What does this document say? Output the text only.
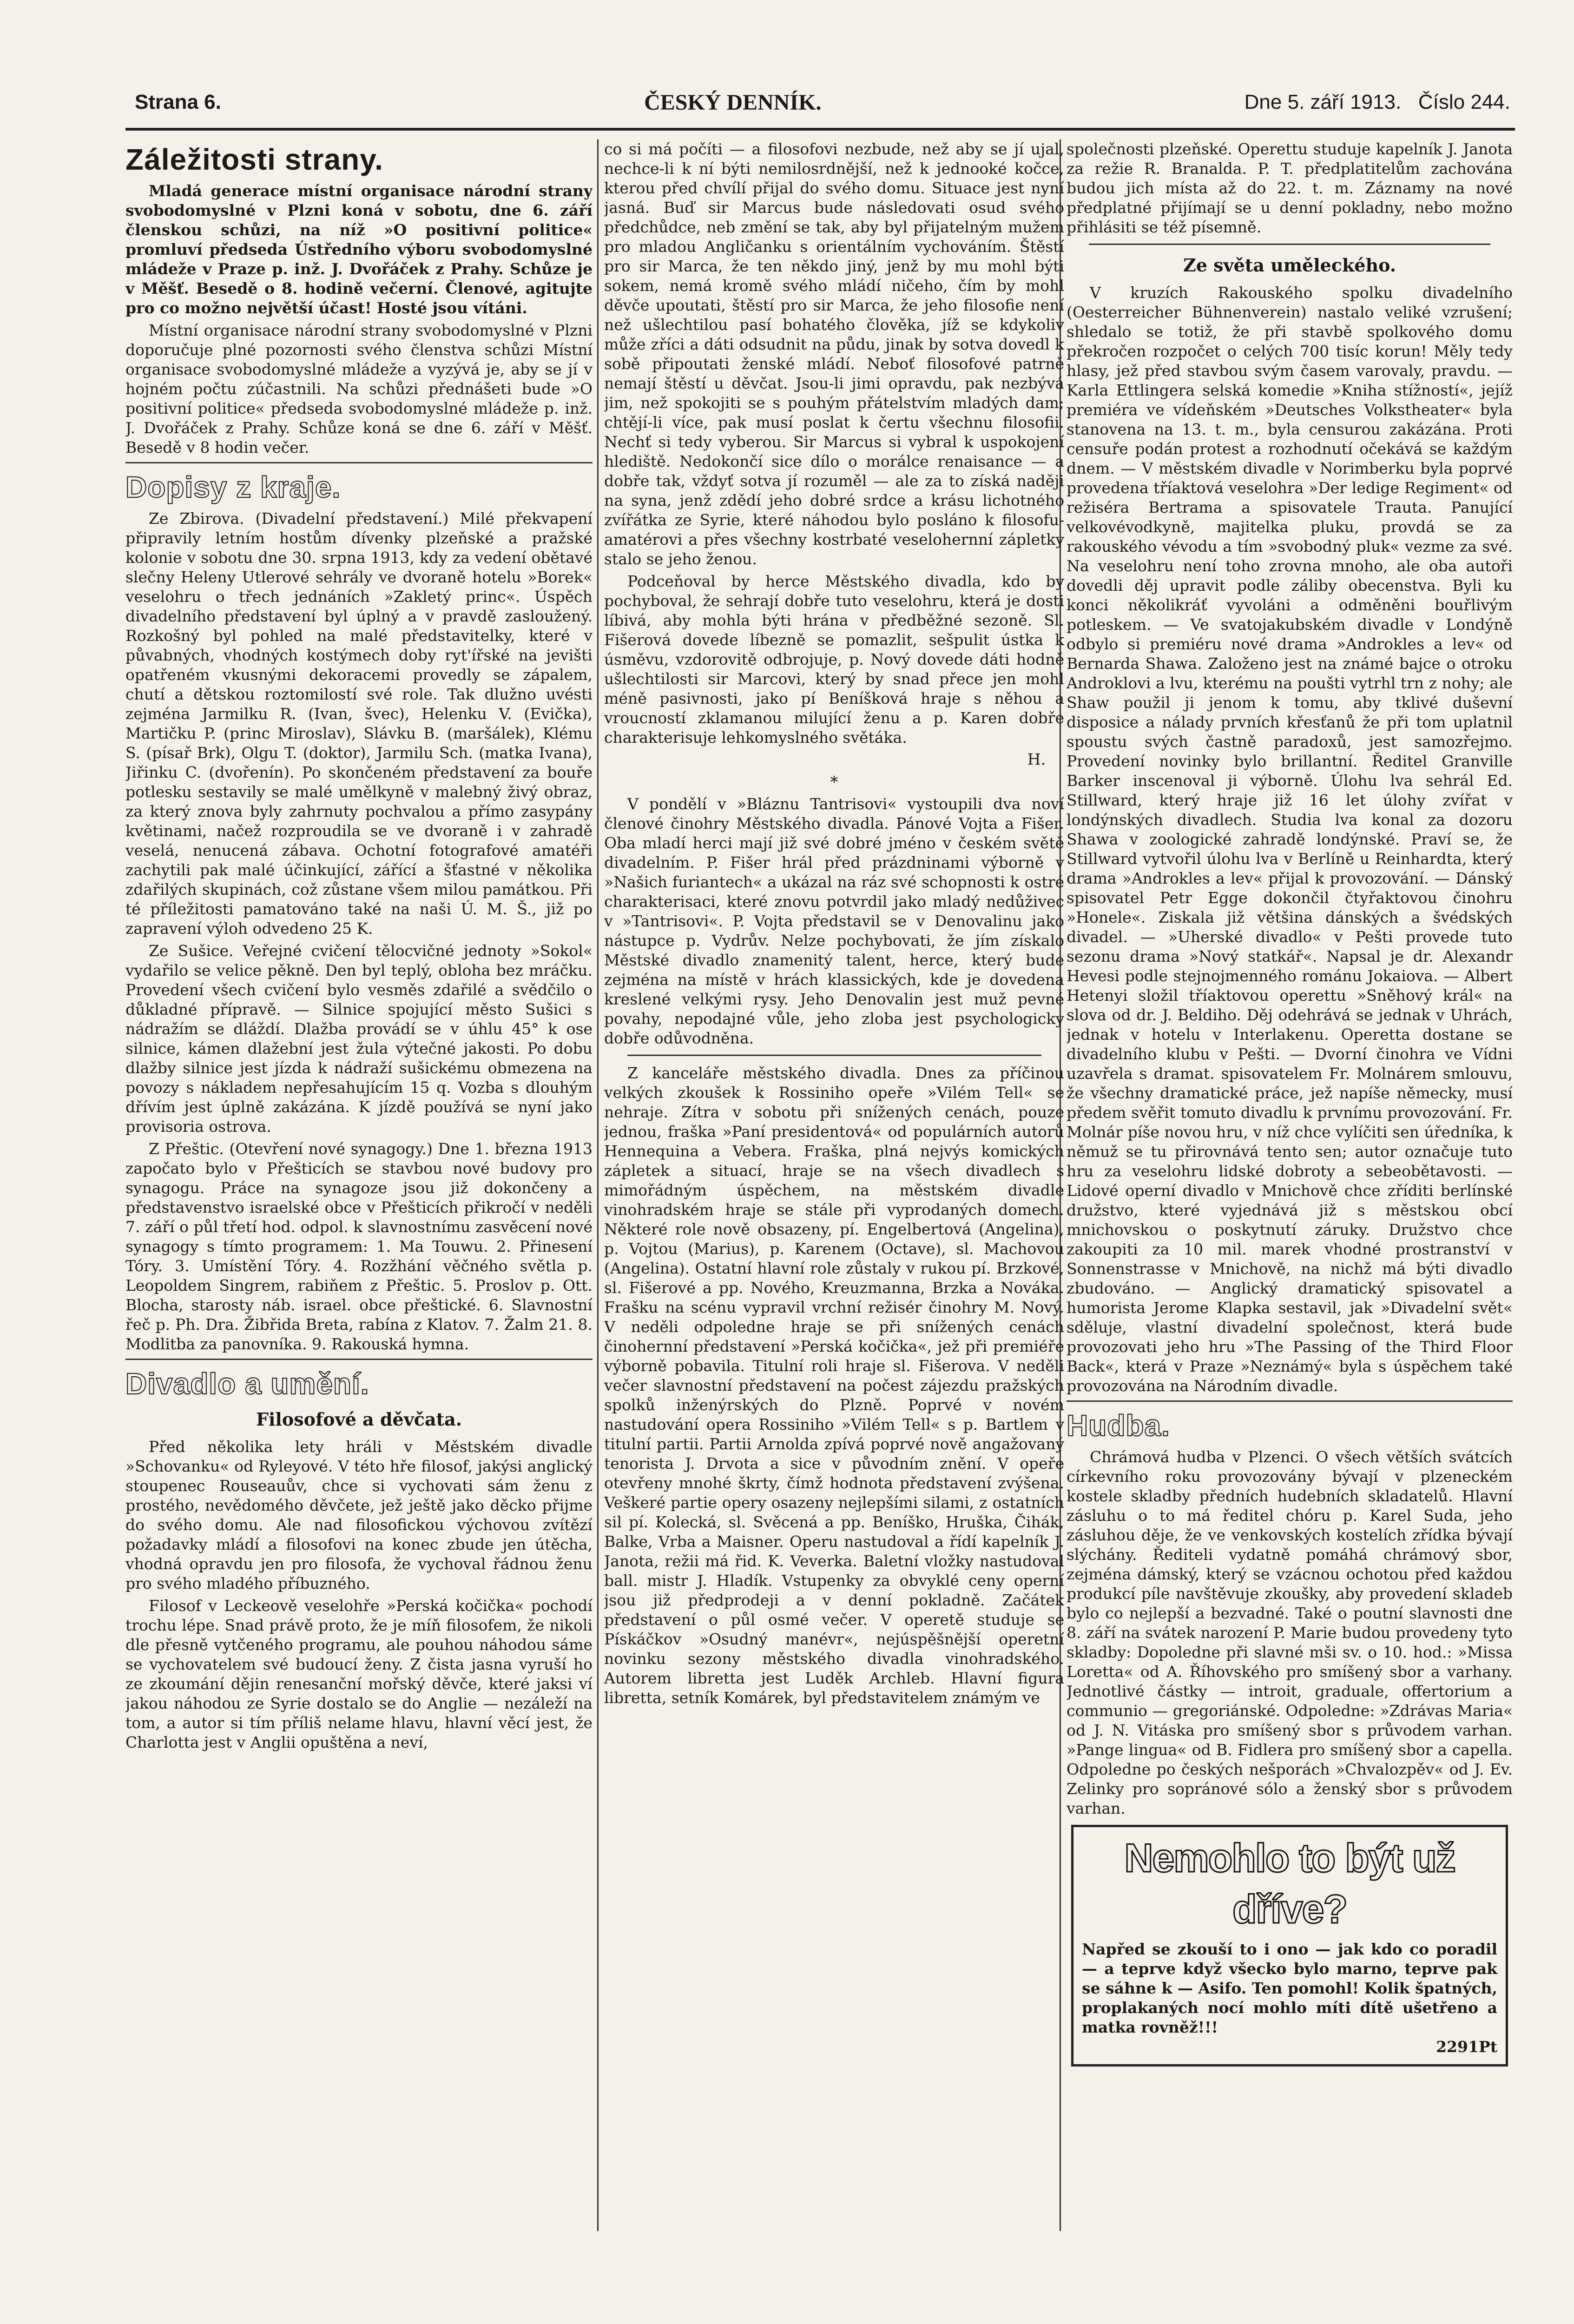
Strana 6.	ČESKÝ DENNÍK.	Dne 5. září 1913. Číslo 244.
Záležitosti strany.

Mladá generace místní organisace národní strany svobodomyslné v Plzni koná v sobotu, dne 6. září členskou schůzi, na níž »O positivní politice« promluví předseda Ústředního výboru svobodomyslné mládeže v Praze p. inž. J. Dvořáček z Prahy. Schůze je v Měšť. Besedě o 8. hodině večerní. Členové, agitujte pro co možno největší účast! Hosté jsou vítáni.

Místní organisace národní strany svobodomyslné v Plzni doporučuje plné pozornosti svého členstva schůzi Místní organisace svobodomyslné mládeže a vyzývá je, aby se jí v hojném počtu zúčastnili. Na schůzi přednášeti bude »O positivní politice« předseda svobodomyslné mládeže p. inž. J. Dvořáček z Prahy. Schůze koná se dne 6. září v Měšť. Besedě v 8 hodin večer.

Dopisy z kraje.

Ze Zbirova. (Divadelní představení.) Milé překvapení připravily letním hostům dívenky plzeňské a pražské kolonie v sobotu dne 30. srpna 1913, kdy za vedení obětavé slečny Heleny Utlerové sehrály ve dvoraně hotelu »Borek« veselohru o třech jednáních »Zakletý princ«. Úspěch divadelního představení byl úplný a v pravdě zasloužený. Rozkošný byl pohled na malé představitelky, které v půvabných, vhodných kostýmech doby ryt'ířské na jevišti opatřeném vkusnými dekoracemi provedly se zápalem, chutí a dětskou roztomilostí své role. Tak dlužno uvésti zejména Jarmilku R. (Ivan, švec), Helenku V. (Evička), Martičku P. (princ Miroslav), Slávku B. (maršálek), Klému S. (písař Brk), Olgu T. (doktor), Jarmilu Sch. (matka Ivana), Jiřinku C. (dvořenín). Po skončeném představení za bouře potlesku sestavily se malé umělkyně v malebný živý obraz, za který znova byly zahrnuty pochvalou a přímo zasypány květinami, načež rozproudila se ve dvoraně i v zahradě veselá, nenucená zábava. Ochotní fotografové amatéři zachytili pak malé účinkující, zářící a šťastné v několika zdařilých skupinách, což zůstane všem milou památkou. Při té příležitosti pamatováno také na naši Ú. M. Š., již po zapravení výloh odvedeno 25 K.

Ze Sušice. Veřejné cvičení tělocvičné jednoty »Sokol« vydařilo se velice pěkně. Den byl teplý, obloha bez mráčku. Provedení všech cvičení bylo vesměs zdařilé a svědčilo o důkladné přípravě. — Silnice spojující město Sušici s nádražím se dláždí. Dlažba provádí se v úhlu 45° k ose silnice, kámen dlažební jest žula výtečné jakosti. Po dobu dlažby silnice jest jízda k nádraží sušickému obmezena na povozy s nákladem nepřesahujícím 15 q. Vozba s dlouhým dřívím jest úplně zakázána. K jízdě používá se nyní jako provisoria ostrova.

Z Přeštic. (Otevření nové synagogy.) Dne 1. března 1913 započato bylo v Přešticích se stavbou nové budovy pro synagogu. Práce na synagoze jsou již dokončeny a představenstvo israelské obce v Přešticích přikročí v neděli 7. září o půl třetí hod. odpol. k slavnostnímu zasvěcení nové synagogy s tímto programem: 1. Ma Touwu. 2. Přinesení Tóry. 3. Umístění Tóry. 4. Rozžhání věčného světla p. Leopoldem Singrem, rabiňem z Přeštic. 5. Proslov p. Ott. Blocha, starosty náb. israel. obce přeštické. 6. Slavnostní řeč p. Ph. Dra. Žibřida Breta, rabína z Klatov. 7. Žalm 21. 8. Modlitba za panovníka. 9. Rakouská hymna.

Divadlo a umění.
Filosofové a děvčata.

Před několika lety hráli v Městském divadle »Schovanku« od Ryleyové. V této hře filosof, jakýsi anglický stoupenec Rouseauův, chce si vychovati sám ženu z prostého, nevědomého děvčete, jež ještě jako děcko přijme do svého domu. Ale nad filosofickou výchovou zvítězí požadavky mládí a filosofovi na konec zbude jen útěcha, vhodná opravdu jen pro filosofa, že vychoval řádnou ženu pro svého mladého příbuzného.

Filosof v Leckeově veselohře »Perská kočička« pochodí trochu lépe. Snad právě proto, že je míň filosofem, že nikoli dle přesně vytčeného programu, ale pouhou náhodou sáme se vychovatelem své budoucí ženy. Z čista jasna vyruší ho ze zkoumání dějin renesanční mořský děvče, které jaksi ví jakou náhodou ze Syrie dostalo se do Anglie — nezáleží na tom, a autor si tím příliš nelame hlavu, hlavní věcí jest, že Charlotta jest v Anglii opuštěna a neví,

co si má počíti — a filosofovi nezbude, než aby se jí ujal, nechce-li k ní býti nemilosrdnější, než k jednooké kočce, kterou před chvílí přijal do svého domu. Situace jest nyní jasná. Buď sir Marcus bude následovati osud svého předchůdce, neb změní se tak, aby byl přijatelným mužem pro mladou Angličanku s orientálním vychováním. Štěstí pro sir Marca, že ten někdo jiný, jenž by mu mohl býti sokem, nemá kromě svého mládí ničeho, čím by mohl děvče upoutati, štěstí pro sir Marca, že jeho filosofie není než ušlechtilou pasí bohatého člověka, jíž se kdykoliv může zříci a dáti odsudnit na půdu, jinak by sotva dovedl k sobě připoutati ženské mládí. Neboť filosofové patrně nemají štěstí u děvčat. Jsou-li jimi opravdu, pak nezbývá jim, než spokojiti se s pouhým přátelstvím mladých dam; chtějí-li více, pak musí poslat k čertu všechnu filosofii. Nechť si tedy vyberou. Sir Marcus si vybral k uspokojení hlediště. Nedokončí sice dílo o morálce renaisance — a dobře tak, vždyť sotva jí rozuměl — ale za to získá naději na syna, jenž zdědí jeho dobré srdce a krásu lichotného zvířátka ze Syrie, které náhodou bylo posláno k filosofu-amatérovi a přes všechny kostrbaté veselohernní zápletky stalo se jeho ženou.

Podceňoval by herce Městského divadla, kdo by pochyboval, že sehrají dobře tuto veselohru, která je dosti líbivá, aby mohla býti hrána v předběžné sezoně. Sl. Fišerová dovede líbezně se pomazlit, sešpulit ústka k úsměvu, vzdorovitě odbrojuje, p. Nový dovede dáti hodně ušlechtilosti sir Marcovi, který by snad přece jen mohl méně pasivnosti, jako pí Beníšková hraje s něhou a vroucností zklamanou milující ženu a p. Karen dobře charakterisuje lehkomyslného světáka.

H.
*

V pondělí v »Bláznu Tantrisovi« vystoupili dva noví členové činohry Městského divadla. Pánové Vojta a Fišer. Oba mladí herci mají již své dobré jméno v českém světě divadelním. P. Fišer hrál před prázdninami výborně v »Našich furiantech« a ukázal na ráz své schopnosti k ostré charakterisaci, které znovu potvrdil jako mladý nedůživec v »Tantrisovi«. P. Vojta představil se v Denovalinu jako nástupce p. Vydrův. Nelze pochybovati, že jím získalo Městské divadlo znamenitý talent, herce, který bude zejména na místě v hrách klassických, kde je dovedena kreslené velkými rysy. Jeho Denovalin jest muž pevné povahy, nepodajné vůle, jeho zloba jest psychologicky dobře odůvodněna.

Z kanceláře městského divadla. Dnes za příčinou velkých zkoušek k Rossiniho opeře »Vilém Tell« se nehraje. Zítra v sobotu při snížených cenách, pouze jednou, fraška »Paní presidentová« od populárních autorů Hennequina a Vebera. Fraška, plná nejvýs komických zápletek a situací, hraje se na všech divadlech s mimořádným úspěchem, na městském divadle vinohradském hraje se stále při vyprodaných domech. Některé role nově obsazeny, pí. Engelbertová (Angelina), p. Vojtou (Marius), p. Karenem (Octave), sl. Machovou (Angelina). Ostatní hlavní role zůstaly v rukou pí. Brzkové, sl. Fišerové a pp. Nového, Kreuzmanna, Brzka a Nováka. Frašku na scénu vypravil vrchní režisér činohry M. Nový. V neděli odpoledne hraje se při snížených cenách činohernní představení »Perská kočička«, jež při premiéře výborně pobavila. Titulní roli hraje sl. Fišerova. V neděli večer slavnostní představení na počest zájezdu pražských spolků inženýrských do Plzně. Poprvé v novém nastudování opera Rossiniho »Vilém Tell« s p. Bartlem v titulní partii. Partii Arnolda zpívá poprvé nově angažovaný tenorista J. Drvota a sice v původním znění. V opeře otevřeny mnohé škrty, čímž hodnota představení zvýšena. Veškeré partie opery osazeny nejlepšími silami, z ostatních sil pí. Kolecká, sl. Svěcená a pp. Beníško, Hruška, Čihák, Balke, Vrba a Maisner. Operu nastudoval a řídí kapelník J. Janota, režii má řid. K. Veverka. Baletní vložky nastudoval ball. mistr J. Hladík. Vstupenky za obvyklé ceny operní jsou již předprodeji a v denní pokladně. Začátek představení o půl osmé večer. V operetě studuje se Pískáčkov »Osudný manévr«, nejúspěšnější operetní novinku sezony městského divadla vinohradského. Autorem libretta jest Luděk Archleb. Hlavní figura libretta, setník Komárek, byl představitelem známým ve

společnosti plzeňské. Operettu studuje kapelník J. Janota za režie R. Branalda. P. T. předplatitelům zachována budou jich místa až do 22. t. m. Záznamy na nové předplatné přijímají se u denní pokladny, nebo možno přihlásiti se též písemně.

Ze světa uměleckého.

V kruzích Rakouského spolku divadelního (Oesterreicher Bühnenverein) nastalo veliké vzrušení; shledalo se totiž, že při stavbě spolkového domu překročen rozpočet o celých 700 tisíc korun! Měly tedy hlasy, jež před stavbou svým časem varovaly, pravdu. — Karla Ettlingera selská komedie »Kniha stížností«, jejíž premiéra ve vídeňském »Deutsches Volkstheater« byla stanovena na 13. t. m., byla censurou zakázána. Proti censuře podán protest a rozhodnutí očekává se každým dnem. — V městském divadle v Norimberku byla poprvé provedena tříaktová veselohra »Der ledige Regiment« od režiséra Bertrama a spisovatele Trauta. Panující velkovévodkyně, majitelka pluku, provdá se za rakouského vévodu a tím »svobodný pluk« vezme za své. Na veselohru není toho zrovna mnoho, ale oba autoři dovedli děj upravit podle záliby obecenstva. Byli ku konci několikráť vyvoláni a odměněni bouřlivým potleskem. — Ve svatojakubském divadle v Londýně odbylo si premiéru nové drama »Androkles a lev« od Bernarda Shawa. Založeno jest na známé bajce o otroku Androklovi a lvu, kterému na poušti vytrhl trn z nohy; ale Shaw použil ji jenom k tomu, aby tklivé duševní disposice a nálady prvních křesťanů že při tom uplatnil spoustu svých častně paradoxů, jest samozřejmo. Provedení novinky bylo brillantní. Ředitel Granville Barker inscenoval ji výborně. Úlohu lva sehrál Ed. Stillward, který hraje již 16 let úlohy zvířat v londýnských divadlech. Studia lva konal za dozoru Shawa v zoologické zahradě londýnské. Praví se, že Stillward vytvořil úlohu lva v Berlíně u Reinhardta, který drama »Androkles a lev« přijal k provozování. — Dánský spisovatel Petr Egge dokončil čtyřaktovou činohru »Honele«. Ziskala již většina dánských a švédských divadel. — »Uherské divadlo« v Pešti provede tuto sezonu drama »Nový statkář«. Napsal je dr. Alexandr Hevesi podle stejnojmenného románu Jokaiova. — Albert Hetenyi složil tříaktovou operettu »Sněhový král« na slova od dr. J. Beldiho. Děj odehrává se jednak v Uhrách, jednak v hotelu v Interlakenu. Operetta dostane se divadelního klubu v Pešti. — Dvorní činohra ve Vídni uzavřela s dramat. spisovatelem Fr. Molnárem smlouvu, že všechny dramatické práce, jež napíše německy, musí předem svěřit tomuto divadlu k prvnímu provozování. Fr. Molnár píše novou hru, v níž chce vylíčiti sen úředníka, k němuž se tu přirovnává tento sen; autor označuje tuto hru za veselohru lidské dobroty a sebeobětavosti. — Lidové operní divadlo v Mnichově chce zříditi berlínské družstvo, které vyjednává již s městskou obcí mnichovskou o poskytnutí záruky. Družstvo chce zakoupiti za 10 mil. marek vhodné prostranství v Sonnenstrasse v Mnichově, na nichž má býti divadlo zbudováno. — Anglický dramatický spisovatel a humorista Jerome Klapka sestavil, jak »Divadelní svět« sděluje, vlastní divadelní společnost, která bude provozovati jeho hru »The Passing of the Third Floor Back«, která v Praze »Neznámý« byla s úspěchem také provozována na Národním divadle.

Hudba.

Chrámová hudba v Plzenci. O všech větších svátcích církevního roku provozovány bývají v plzeneckém kostele skladby předních hudebních skladatelů. Hlavní zásluhu o to má ředitel chóru p. Karel Suda, jeho zásluhou děje, že ve venkovských kostelích zřídka bývají slýchány. Řediteli vydatně pomáhá chrámový sbor, zejména dámský, který se vzácnou ochotou před každou produkcí píle navštěvuje zkoušky, aby provedení skladeb bylo co nejlepší a bezvadné. Také o poutní slavnosti dne 8. září na svátek narození P. Marie budou provedeny tyto skladby: Dopoledne při slavné mši sv. o 10. hod.: »Missa Loretta« od A. Říhovského pro smíšený sbor a varhany. Jednotlivé částky — introit, graduale, offertorium a communio — gregoriánské. Odpoledne: »Zdrávas Maria« od J. N. Vitáska pro smíšený sbor s průvodem varhan. »Pange lingua« od B. Fidlera pro smíšený sbor a capella. Odpoledne po českých nešporách »Chvalozpěv« od J. Ev. Zelinky pro sopránové sólo a ženský sbor s průvodem varhan.

Nemohlo to být už dříve?
Napřed se zkouší to i ono — jak kdo co poradil — a teprve když všecko bylo marno, teprve pak se sáhne k — Asifo. Ten pomohl! Kolik špatných, proplakaných nocí mohlo míti dítě ušetřeno a matka rovněž!!!
2291Pt
